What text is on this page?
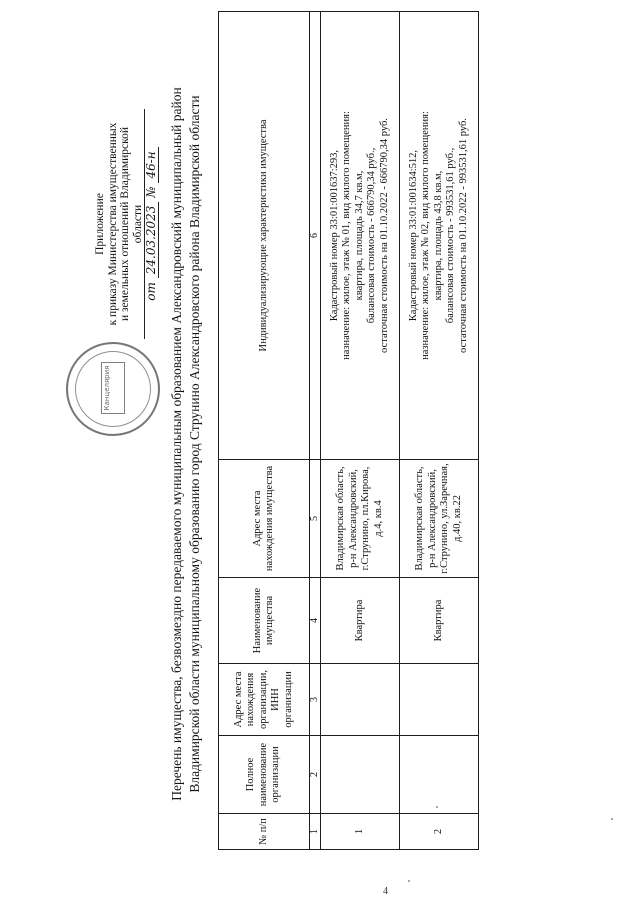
Канцелярия
Приложение к приказу Министерства имущественных и земельных отношений Владимирской области
от 24.03.2023 № 46-н Перечень имущества, безвозмездно передаваемого муниципальным образованием Александровский муниципальный район Владимирской области муниципальному образованию город Струнино Александровского района Владимирской области
№ п/п	Полное наименование организации	Адрес места нахождения организации, ИНН организации	Наименование имущества	Адрес места нахождения имущества	Индивидуализирующие характеристики имущества
1	2	3	4	5	6
1			Квартира	Владимирская область, р-н Александровский, г.Струнино, пл.Кирова, д.4, кв.4	Кадастровый номер 33:01:001637:293, назначение: жилое, этаж № 01, вид жилого помещения: квартира, площадь 34,7 кв.м, балансовая стоимость - 666790,34 руб., остаточная стоимость на 01.10.2022 - 666790,34 руб.

2			Квартира	Владимирская область, р-н Александровский, г.Струнино, ул.Заречная, д.40, кв.22	Кадастровый номер 33:01:001634:512, назначение: жилое, этаж № 02, вид жилого помещения: квартира, площадь 43,8 кв.м, балансовая стоимость - 993531,61 руб., остаточная стоимость на 01.10.2022 - 993531,61 руб.
4
